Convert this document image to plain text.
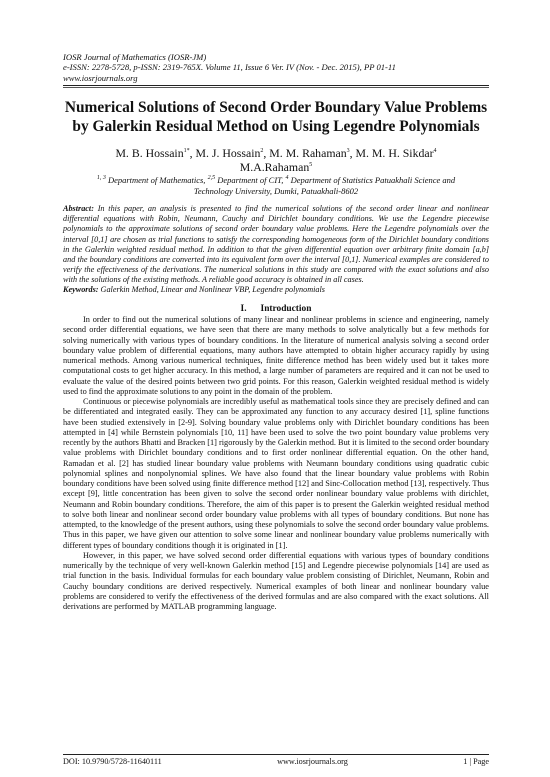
IOSR Journal of Mathematics (IOSR-JM)
e-ISSN: 2278-5728, p-ISSN: 2319-765X. Volume 11, Issue 6 Ver. IV (Nov. - Dec. 2015), PP 01-11
www.iosrjournals.org
Numerical Solutions of Second Order Boundary Value Problems by Galerkin Residual Method on Using Legendre Polynomials
M. B. Hossain$^{1*}$, M. J. Hossain$^2$, M. M. Rahaman$^3$, M. M. H. Sikdar$^4$
M.A.Rahaman$^5$
$^{1, 3}$ Department of Mathematics, $^{2,5}$ Department of CIT, $^4$ Department of Statistics Patuakhali Science and
Technology University, Dumki, Patuakhali-8602
Abstract: In this paper, an analysis is presented to find the numerical solutions of the second order linear and nonlinear differential equations with Robin, Neumann, Cauchy and Dirichlet boundary conditions. We use the Legendre piecewise polynomials to the approximate solutions of second order boundary value problems. Here the Legendre polynomials over the interval [0,1] are chosen as trial functions to satisfy the corresponding homogeneous form of the Dirichlet boundary conditions in the Galerkin weighted residual method. In addition to that the given differential equation over arbitrary finite domain [a,b] and the boundary conditions are converted into its equivalent form over the interval [0,1]. Numerical examples are considered to verify the effectiveness of the derivations. The numerical solutions in this study are compared with the exact solutions and also with the solutions of the existing methods. A reliable good accuracy is obtained in all cases.
Keywords: Galerkin Method, Linear and Nonlinear VBP, Legendre polynomials
I. Introduction

In order to find out the numerical solutions of many linear and nonlinear problems in science and engineering, namely second order differential equations, we have seen that there are many methods to solve analytically but a few methods for solving numerically with various types of boundary conditions. In the literature of numerical analysis solving a second order boundary value problem of differential equations, many authors have attempted to obtain higher accuracy rapidly by using numerical methods. Among various numerical techniques, finite difference method has been widely used but it takes more computational costs to get higher accuracy. In this method, a large number of parameters are required and it can not be used to evaluate the value of the desired points between two grid points. For this reason, Galerkin weighted residual method is widely used to find the approximate solutions to any point in the domain of the problem.

Continuous or piecewise polynomials are incredibly useful as mathematical tools since they are precisely defined and can be differentiated and integrated easily. They can be approximated any function to any accuracy desired [1], spline functions have been studied extensively in [2-9]. Solving boundary value problems only with Dirichlet boundary conditions has been attempted in [4] while Bernstein polynomials [10, 11] have been used to solve the two point boundary value problems very recently by the authors Bhatti and Bracken [1] rigorously by the Galerkin method. But it is limited to the second order boundary value problems with Dirichlet boundary conditions and to first order nonlinear differential equation. On the other hand, Ramadan et al. [2] has studied linear boundary value problems with Neumann boundary conditions using quadratic cubic polynomial splines and nonpolynomial splines. We have also found that the linear boundary value problems with Robin boundary conditions have been solved using finite difference method [12] and Sinc-Collocation method [13], respectively. Thus except [9], little concentration has been given to solve the second order nonlinear boundary value problems with dirichlet, Neumann and Robin boundary conditions. Therefore, the aim of this paper is to present the Galerkin weighted residual method to solve both linear and nonlinear second order boundary value problems with all types of boundary conditions. But none has attempted, to the knowledge of the present authors, using these polynomials to solve the second order boundary value problems. Thus in this paper, we have given our attention to solve some linear and nonlinear boundary value problems numerically with different types of boundary conditions though it is originated in [1].

However, in this paper, we have solved second order differential equations with various types of boundary conditions numerically by the technique of very well-known Galerkin method [15] and Legendre piecewise polynomials [14] are used as trial function in the basis. Individual formulas for each boundary value problem consisting of Dirichlet, Neumann, Robin and Cauchy boundary conditions are derived respectively. Numerical examples of both linear and nonlinear boundary value problems are considered to verify the effectiveness of the derived formulas and are also compared with the exact solutions. All derivations are performed by MATLAB programming language.

DOI: 10.9790/5728-11640111	www.iosrjournals.org	1 | Page
